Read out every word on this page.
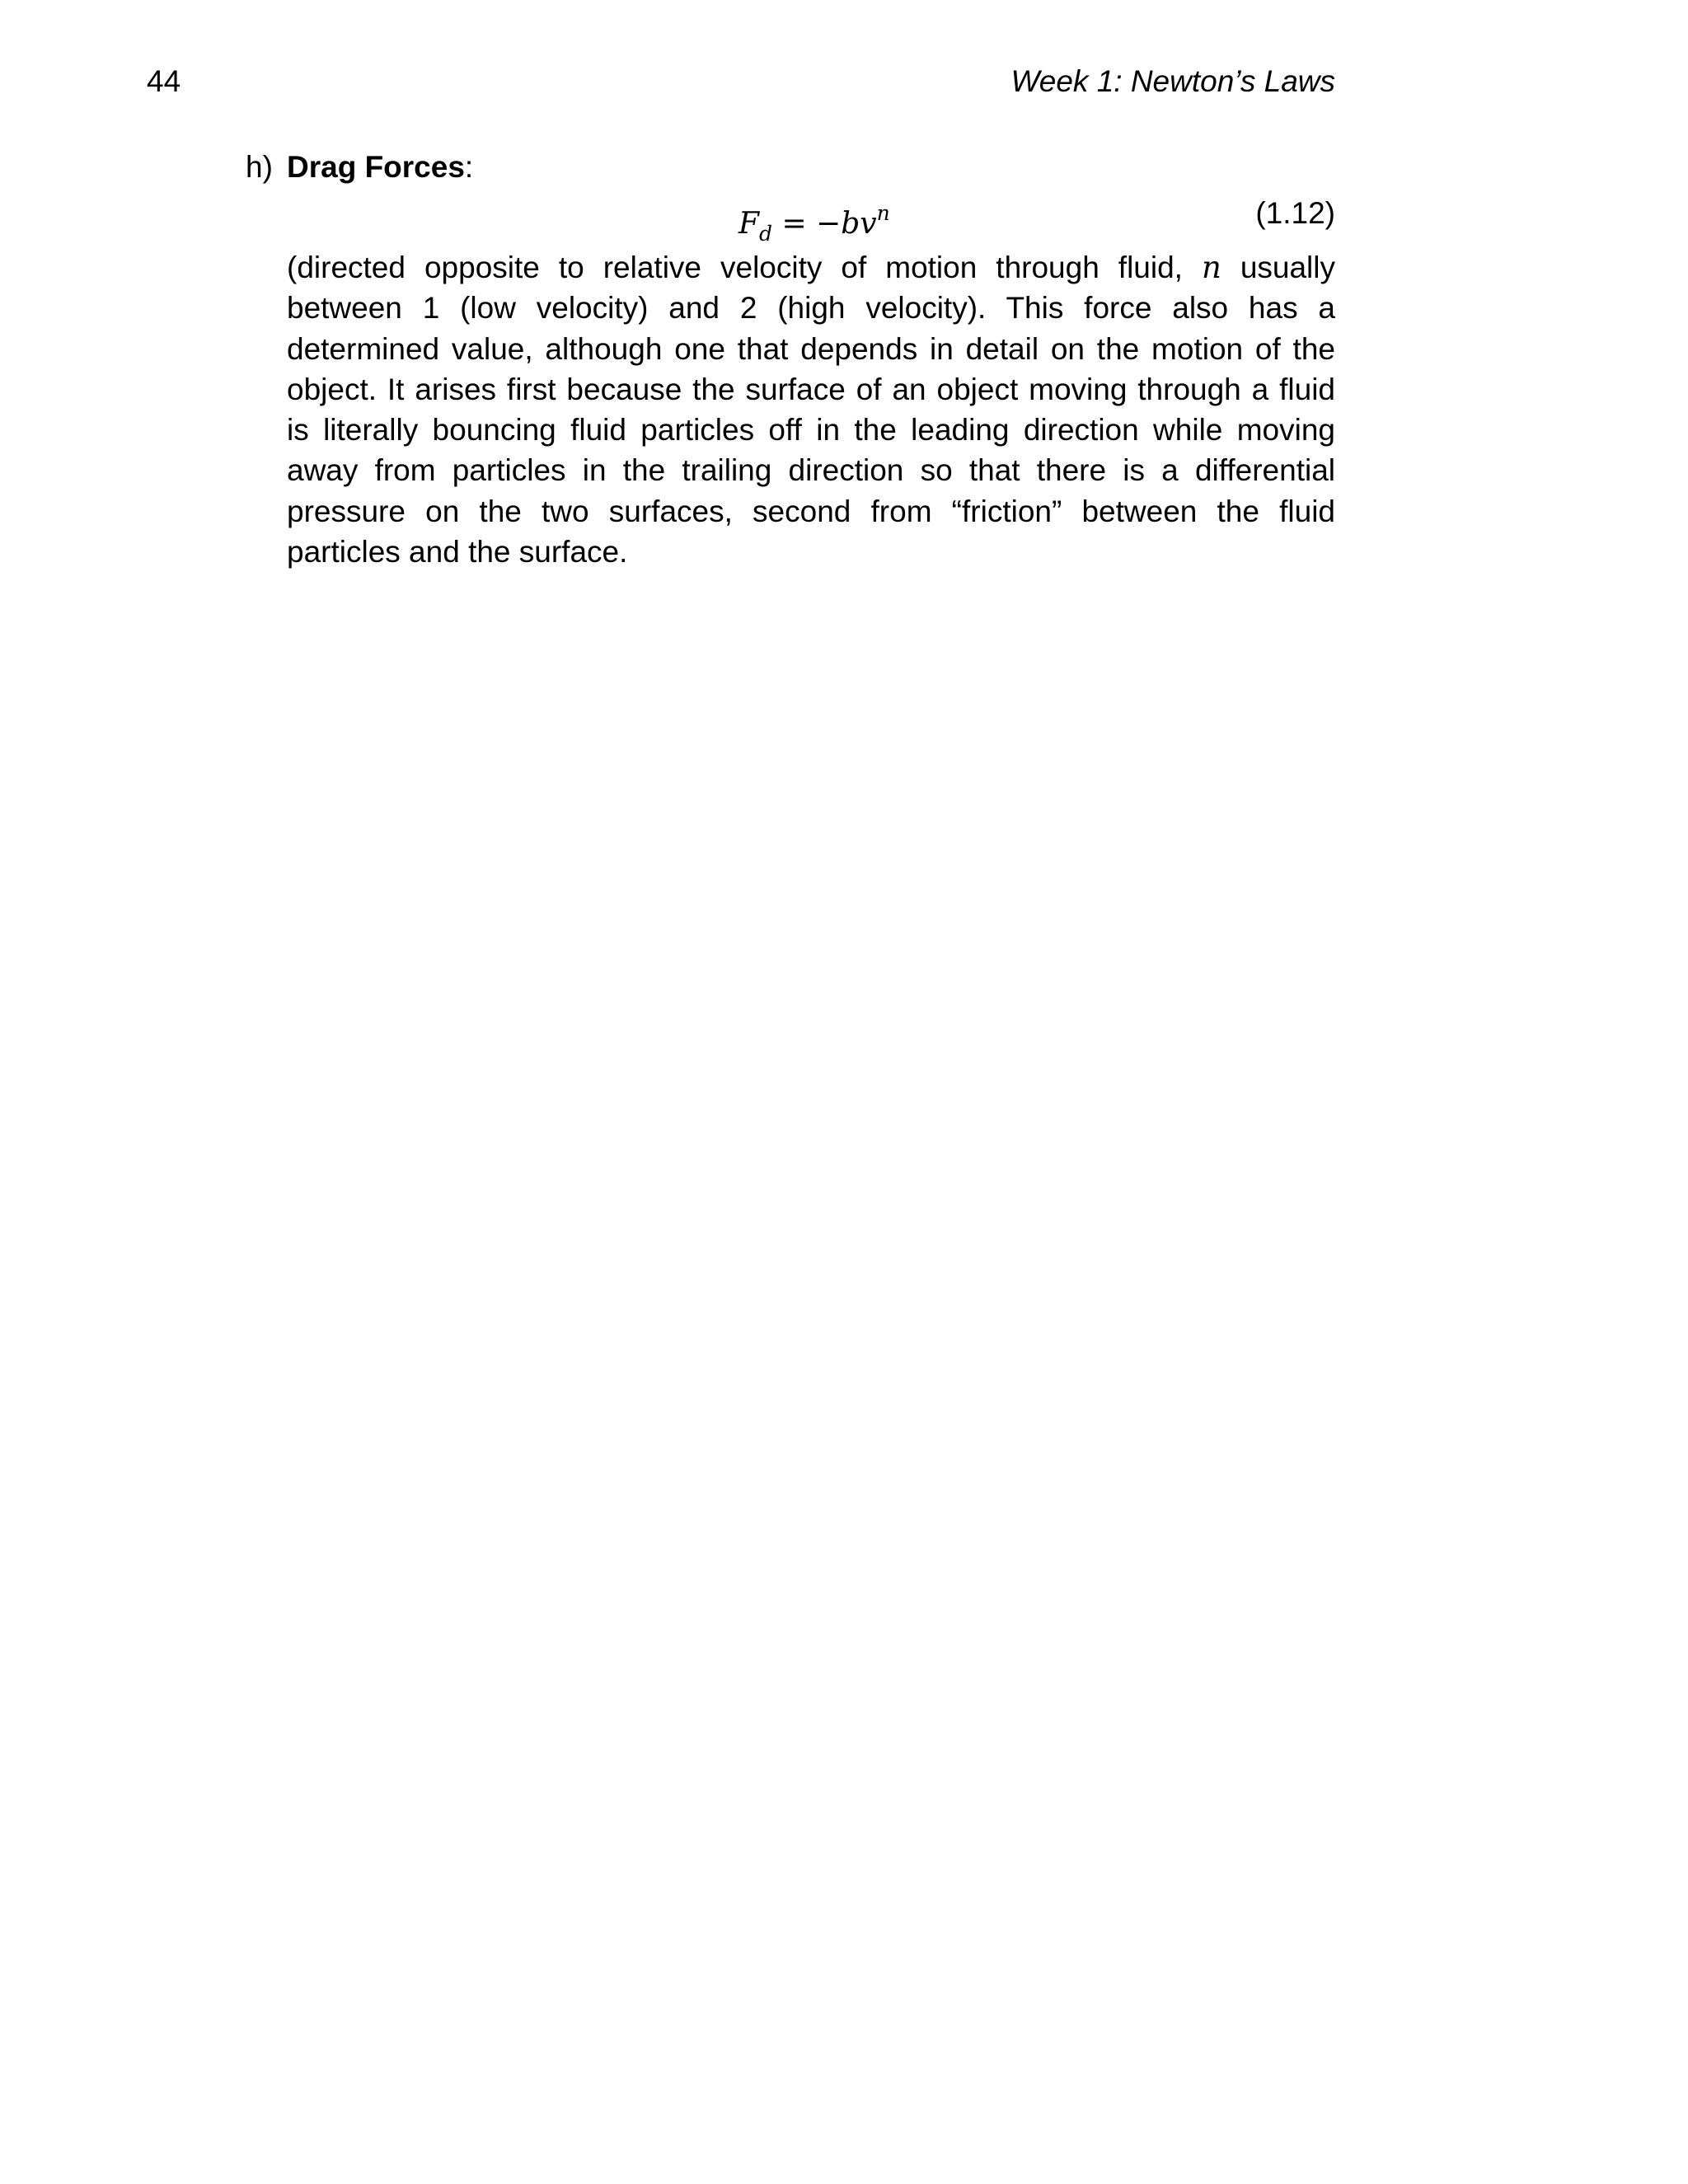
44	Week 1: Newton’s Laws
h) Drag Forces:
$F_d = -bv^n$	(1.12)

(directed opposite to relative velocity of motion through fluid, n usually between 1 (low velocity) and 2 (high velocity). This force also has a determined value, although one that depends in detail on the motion of the object. It arises first because the surface of an object moving through a fluid is literally bouncing fluid particles off in the leading direction while moving away from particles in the trailing direction so that there is a differential pressure on the two surfaces, second from “friction” between the fluid particles and the surface.
